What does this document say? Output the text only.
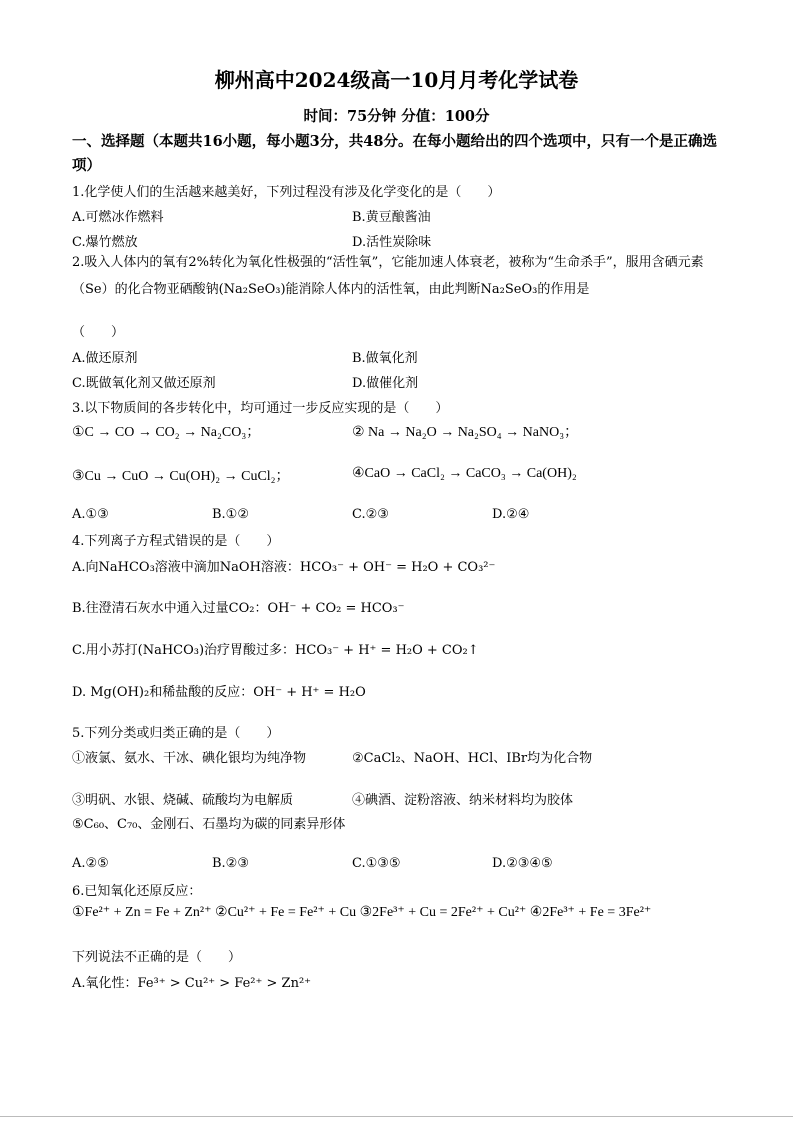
柳州高中2024级高一10月月考化学试卷
时间：75分钟 分值：100分
一、选择题（本题共16小题，每小题3分，共48分。在每小题给出的四个选项中，只有一个是正确选项）
1.化学使人们的生活越来越美好，下列过程没有涉及化学变化的是（　　）
A.可燃冰作燃料	B.黄豆酿酱油
C.爆竹燃放	D.活性炭除味
2.吸入人体内的氧有2%转化为氧化性极强的“活性氧”，它能加速人体衰老，被称为“生命杀手”，服用含硒元素（Se）的化合物亚硒酸钠(Na₂SeO₃)能消除人体内的活性氧，由此判断Na₂SeO₃的作用是
（　　）
A.做还原剂	B.做氧化剂
C.既做氧化剂又做还原剂	D.做催化剂
3.以下物质间的各步转化中，均可通过一步反应实现的是（　　）
①C → CO → CO₂ → Na₂CO₃；	② Na → Na₂O → Na₂SO₄ → NaNO₃；
③Cu → CuO → Cu(OH)₂ → CuCl₂；	④CaO → CaCl₂ → CaCO₃ → Ca(OH)₂
A.①③	B.①②	C.②③	D.②④
4.下列离子方程式错误的是（　　）
A.向NaHCO₃溶液中滴加NaOH溶液：HCO₃⁻ + OH⁻ = H₂O + CO₃²⁻
B.往澄清石灰水中通入过量CO₂：OH⁻ + CO₂ = HCO₃⁻
C.用小苏打(NaHCO₃)治疗胃酸过多：HCO₃⁻ + H⁺ = H₂O + CO₂↑
D. Mg(OH)₂和稀盐酸的反应：OH⁻ + H⁺ = H₂O
5.下列分类或归类正确的是（　　）
①液氯、氨水、干冰、碘化银均为纯净物	②CaCl₂、NaOH、HCl、IBr均为化合物
③明矾、水银、烧碱、硫酸均为电解质	④碘酒、淀粉溶液、纳米材料均为胶体
⑤C₆₀、C₇₀、金刚石、石墨均为碳的同素异形体
A.②⑤	B.②③	C.①③⑤	D.②③④⑤
6.已知氧化还原反应：
①Fe²⁺ + Zn = Fe + Zn²⁺ ②Cu²⁺ + Fe = Fe²⁺ + Cu ③2Fe³⁺ + Cu = 2Fe²⁺ + Cu²⁺ ④2Fe³⁺ + Fe = 3Fe²⁺
下列说法不正确的是（　　）
A.氧化性：Fe³⁺ > Cu²⁺ > Fe²⁺ > Zn²⁺
